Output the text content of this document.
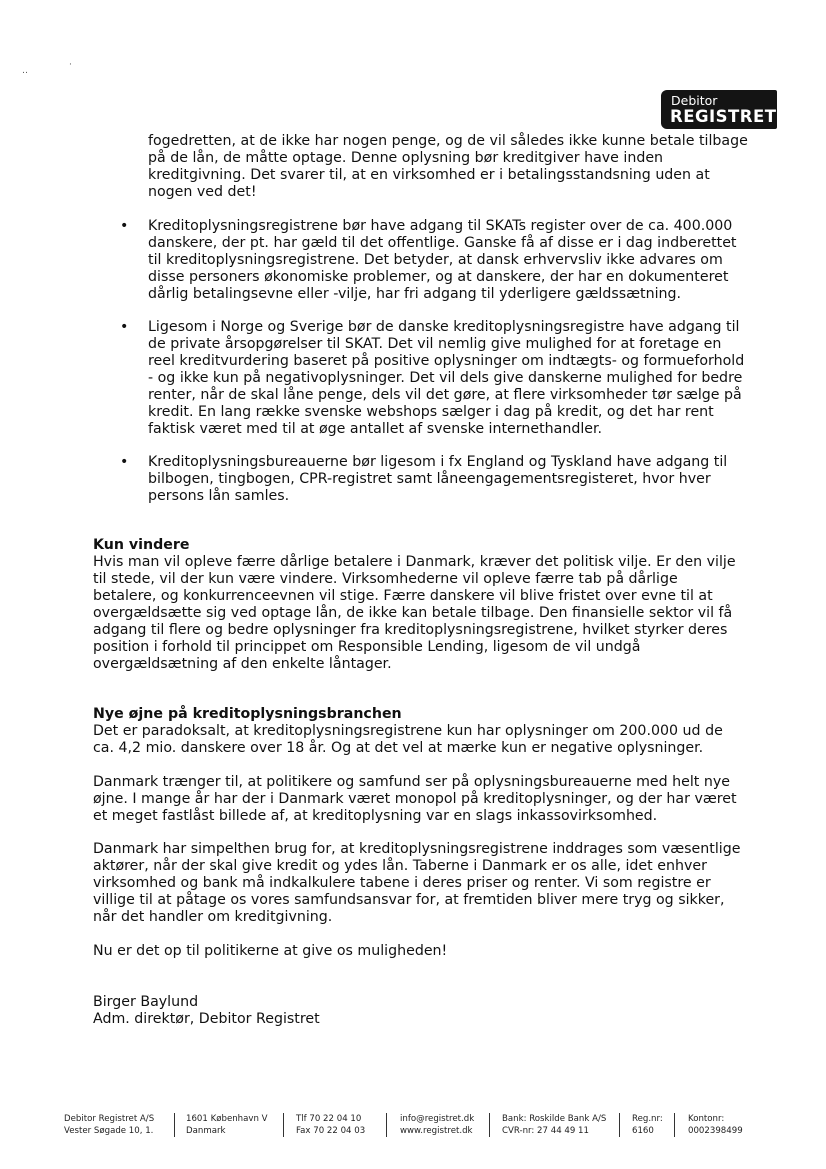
‥
·
Debitor
REGISTRET

fogedretten, at de ikke har nogen penge, og de vil således ikke kunne betale tilbage på de lån, de måtte optage. Denne oplysning bør kreditgiver have inden kreditgivning. Det svarer til, at en virksomhed er i betalingsstandsning uden at nogen ved det!

• Kreditoplysningsregistrene bør have adgang til SKATs register over de ca. 400.000 danskere, der pt. har gæld til det offentlige. Ganske få af disse er i dag indberettet til kreditoplysningsregistrene. Det betyder, at dansk erhvervsliv ikke advares om disse personers økonomiske problemer, og at danskere, der har en dokumenteret dårlig betalingsevne eller -vilje, har fri adgang til yderligere gældssætning.
• Ligesom i Norge og Sverige bør de danske kreditoplysningsregistre have adgang til de private årsopgørelser til SKAT. Det vil nemlig give mulighed for at foretage en reel kreditvurdering baseret på positive oplysninger om indtægts- og formueforhold - og ikke kun på negativoplysninger. Det vil dels give danskerne mulighed for bedre renter, når de skal låne penge, dels vil det gøre, at flere virksomheder tør sælge på kredit. En lang række svenske webshops sælger i dag på kredit, og det har rent faktisk været med til at øge antallet af svenske internethandler.
• Kreditoplysningsbureauerne bør ligesom i fx England og Tyskland have adgang til bilbogen, tingbogen, CPR-registret samt låneengagementsregisteret, hvor hver persons lån samles.
Kun vindere
Hvis man vil opleve færre dårlige betalere i Danmark, kræver det politisk vilje. Er den vilje til stede, vil der kun være vindere. Virksomhederne vil opleve færre tab på dårlige betalere, og konkurrenceevnen vil stige. Færre danskere vil blive fristet over evne til at overgældsætte sig ved optage lån, de ikke kan betale tilbage. Den finansielle sektor vil få adgang til flere og bedre oplysninger fra kreditoplysningsregistrene, hvilket styrker deres position i forhold til princippet om Responsible Lending, ligesom de vil undgå overgældsætning af den enkelte låntager.
Nye øjne på kreditoplysningsbranchen
Det er paradoksalt, at kreditoplysningsregistrene kun har oplysninger om 200.000 ud de ca. 4,2 mio. danskere over 18 år. Og at det vel at mærke kun er negative oplysninger.

Danmark trænger til, at politikere og samfund ser på oplysningsbureauerne med helt nye øjne. I mange år har der i Danmark været monopol på kreditoplysninger, og der har været et meget fastlåst billede af, at kreditoplysning var en slags inkassovirksomhed.

Danmark har simpelthen brug for, at kreditoplysningsregistrene inddrages som væsentlige aktører, når der skal give kredit og ydes lån. Taberne i Danmark er os alle, idet enhver virksomhed og bank må indkalkulere tabene i deres priser og renter. Vi som registre er villige til at påtage os vores samfundsansvar for, at fremtiden bliver mere tryg og sikker, når det handler om kreditgivning.

Nu er det op til politikerne at give os muligheden!

Birger Baylund
Adm. direktør, Debitor Registret
Debitor Registret A/S
Vester Søgade 10, 1.
1601 København V
Danmark
Tlf 70 22 04 10
Fax 70 22 04 03
info@registret.dk
www.registret.dk
Bank: Roskilde Bank A/S
CVR-nr: 27 44 49 11
Reg.nr:
6160
Kontonr:
0002398499
